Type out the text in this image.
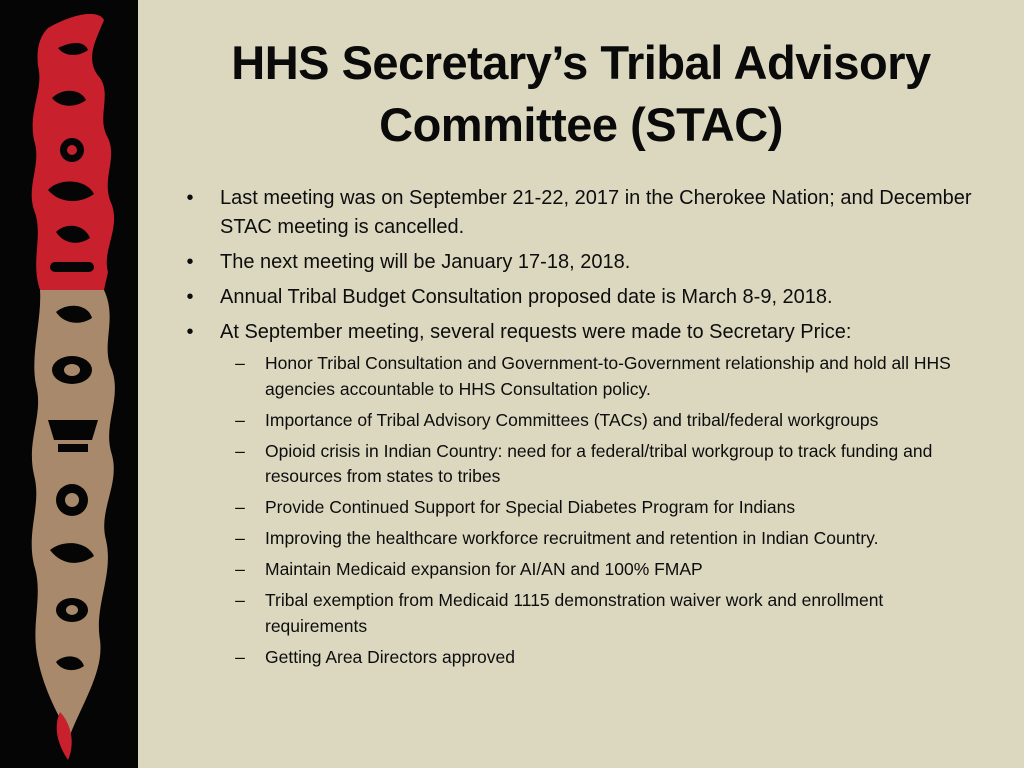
HHS Secretary’s Tribal Advisory
Committee (STAC)
•	Last meeting was on September 21-22, 2017 in the Cherokee Nation; and December STAC meeting is cancelled.
•	The next meeting will be January 17-18, 2018.
•	Annual Tribal Budget Consultation proposed date is March 8-9, 2018.
•	At September meeting, several requests were made to Secretary Price:
– Honor Tribal Consultation and Government-to-Government relationship and hold all HHS agencies accountable to HHS Consultation policy.
– Importance of Tribal Advisory Committees (TACs) and tribal/federal workgroups
– Opioid crisis in Indian Country: need for a federal/tribal workgroup to track funding and resources from states to tribes
– Provide Continued Support for Special Diabetes Program for Indians
– Improving the healthcare workforce recruitment and retention in Indian Country.
– Maintain Medicaid expansion for AI/AN and 100% FMAP
– Tribal exemption from Medicaid 1115 demonstration waiver work and enrollment requirements
– Getting Area Directors approved
